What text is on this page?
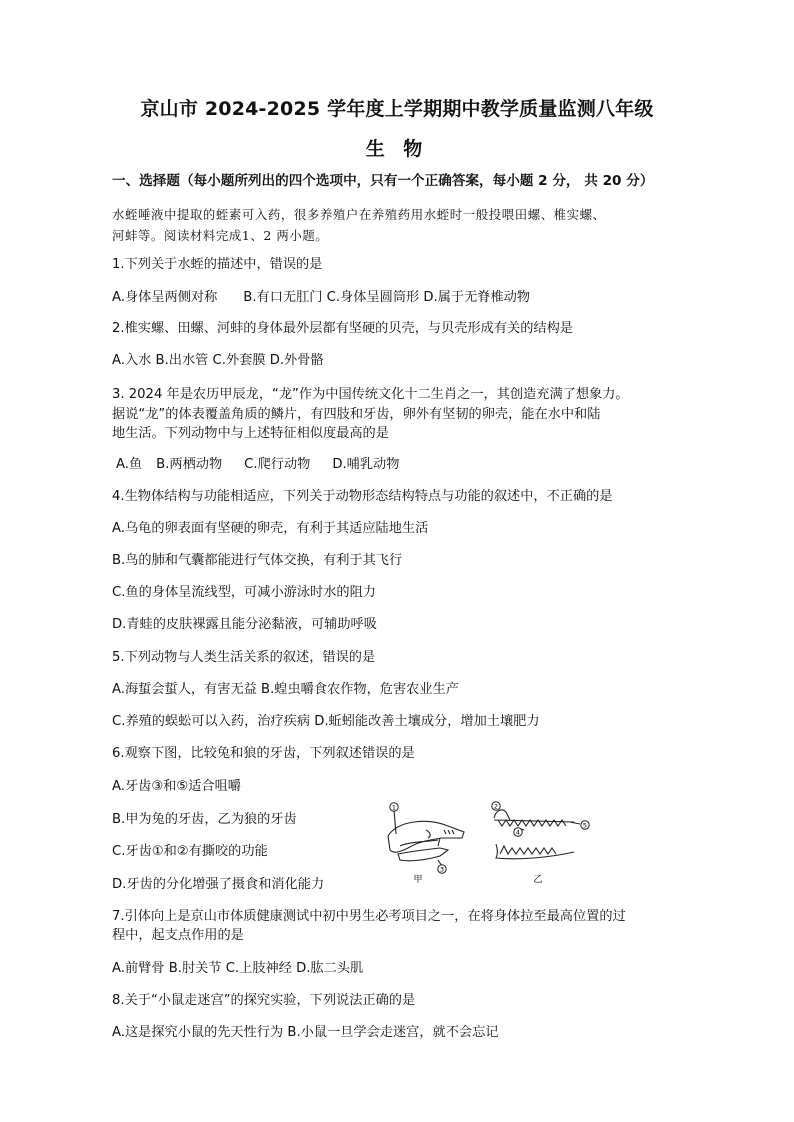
京山市 2024-2025 学年度上学期期中教学质量监测八年级
生 物
一、选择题（每小题所列出的四个选项中，只有一个正确答案，每小题 2 分， 共 20 分）
水蛭唾液中提取的蛭素可入药，很多养殖户在养殖药用水蛭时一般投喂田螺、椎实螺、
河蚌等。阅读材料完成1、2 两小题。
1.下列关于水蛭的描述中，错误的是
A.身体呈两侧对称 B.有口无肛门 C.身体呈圆筒形 D.属于无脊椎动物
2.椎实螺、田螺、河蚌的身体最外层都有坚硬的贝壳，与贝壳形成有关的结构是
A.入水 B.出水管 C.外套膜 D.外骨骼
3. 2024 年是农历甲辰龙，“龙”作为中国传统文化十二生肖之一，其创造充满了想象力。
据说“龙”的体表覆盖角质的鳞片，有四肢和牙齿，卵外有坚韧的卵壳，能在水中和陆
地生活。下列动物中与上述特征相似度最高的是
A.鱼 B.两栖动物 C.爬行动物 D.哺乳动物
4.生物体结构与功能相适应，下列关于动物形态结构特点与功能的叙述中，不正确的是
A.乌龟的卵表面有坚硬的卵壳，有利于其适应陆地生活
B.鸟的肺和气囊都能进行气体交换，有利于其飞行
C.鱼的身体呈流线型，可减小游泳时水的阻力
D.青蛙的皮肤裸露且能分泌黏液，可辅助呼吸
5.下列动物与人类生活关系的叙述，错误的是
A.海蜇会蜇人，有害无益 B.蝗虫嚼食农作物，危害农业生产
C.养殖的蜈蚣可以入药，治疗疾病 D.蚯蚓能改善土壤成分，增加土壤肥力
6.观察下图，比较兔和狼的牙齿，下列叙述错误的是
A.牙齿③和⑤适合咀嚼
B.甲为兔的牙齿，乙为狼的牙齿
C.牙齿①和②有撕咬的功能
D.牙齿的分化增强了摄食和消化能力
1
3
甲
2
4
5
乙
7.引体向上是京山市体质健康测试中初中男生必考项目之一，在将身体拉至最高位置的过
程中，起支点作用的是
A.前臂骨 B.肘关节 C.上肢神经 D.肱二头肌
8.关于“小鼠走迷宫”的探究实验，下列说法正确的是
A.这是探究小鼠的先天性行为 B.小鼠一旦学会走迷宫，就不会忘记
